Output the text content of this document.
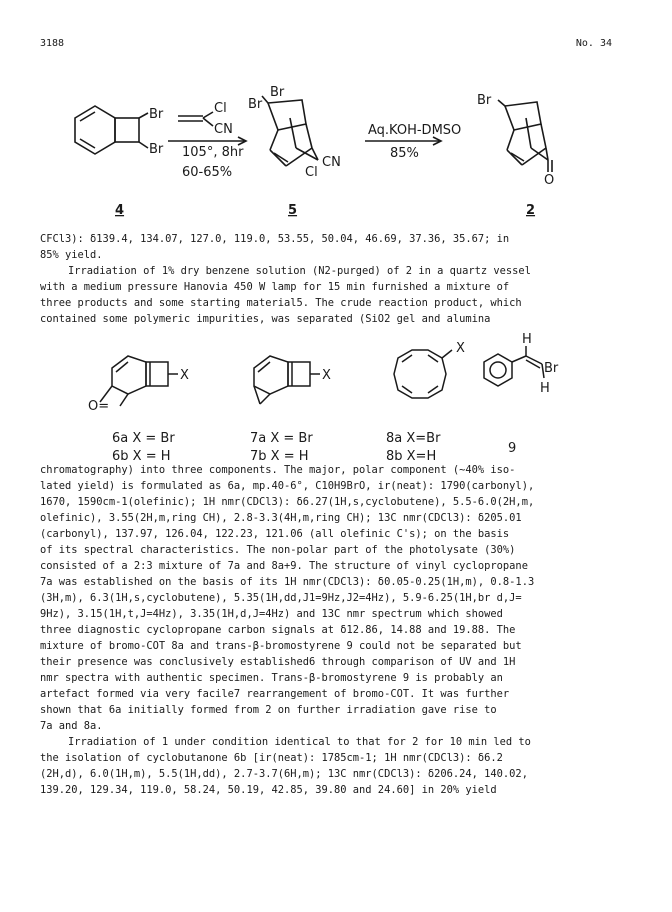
3188	No. 34
Br
Br
Cl
CN
105°, 8hr
60-65%
Br
Br
CN
Cl
Aq.KOH-DMSO
85%
Br
O
4	5	2
CFCl3): δ139.4, 134.07, 127.0, 119.0, 53.55, 50.04, 46.69, 37.36, 35.67; in
85% yield.
Irradiation of 1% dry benzene solution (N2-purged) of 2 in a quartz vessel
with a medium pressure Hanovia 450 W lamp for 15 min furnished a mixture of
three products and some starting material5. The crude reaction product, which
contained some polymeric impurities, was separated (SiO2 gel and alumina
X
O=
X
X
H
Br
H
6a X = Br
6b X = H
7a X = Br
7b X = H
8a X=Br
8b X=H
9
chromatography) into three components. The major, polar component (~40% iso-
lated yield) is formulated as 6a, mp.40-6°, C10H9BrO, ir(neat): 1790(carbonyl),
1670, 1590cm-1(olefinic); 1H nmr(CDCl3): δ6.27(1H,s,cyclobutene), 5.5-6.0(2H,m,
olefinic), 3.55(2H,m,ring CH), 2.8-3.3(4H,m,ring CH); 13C nmr(CDCl3): δ205.01
(carbonyl), 137.97, 126.04, 122.23, 121.06 (all olefinic C's); on the basis
of its spectral characteristics. The non-polar part of the photolysate (30%)
consisted of a 2:3 mixture of 7a and 8a+9. The structure of vinyl cyclopropane
7a was established on the basis of its 1H nmr(CDCl3): δ0.05-0.25(1H,m), 0.8-1.3
(3H,m), 6.3(1H,s,cyclobutene), 5.35(1H,dd,J1=9Hz,J2=4Hz), 5.9-6.25(1H,br d,J=
9Hz), 3.15(1H,t,J=4Hz), 3.35(1H,d,J=4Hz) and 13C nmr spectrum which showed
three diagnostic cyclopropane carbon signals at δ12.86, 14.88 and 19.88. The
mixture of bromo-COT 8a and trans-β-bromostyrene 9 could not be separated but
their presence was conclusively established6 through comparison of UV and 1H
nmr spectra with authentic specimen. Trans-β-bromostyrene 9 is probably an
artefact formed via very facile7 rearrangement of bromo-COT. It was further
shown that 6a initially formed from 2 on further irradiation gave rise to
7a and 8a.
Irradiation of 1 under condition identical to that for 2 for 10 min led to
the isolation of cyclobutanone 6b [ir(neat): 1785cm-1; 1H nmr(CDCl3): δ6.2
(2H,d), 6.0(1H,m), 5.5(1H,dd), 2.7-3.7(6H,m); 13C nmr(CDCl3): δ206.24, 140.02,
139.20, 129.34, 119.0, 58.24, 50.19, 42.85, 39.80 and 24.60] in 20% yield
